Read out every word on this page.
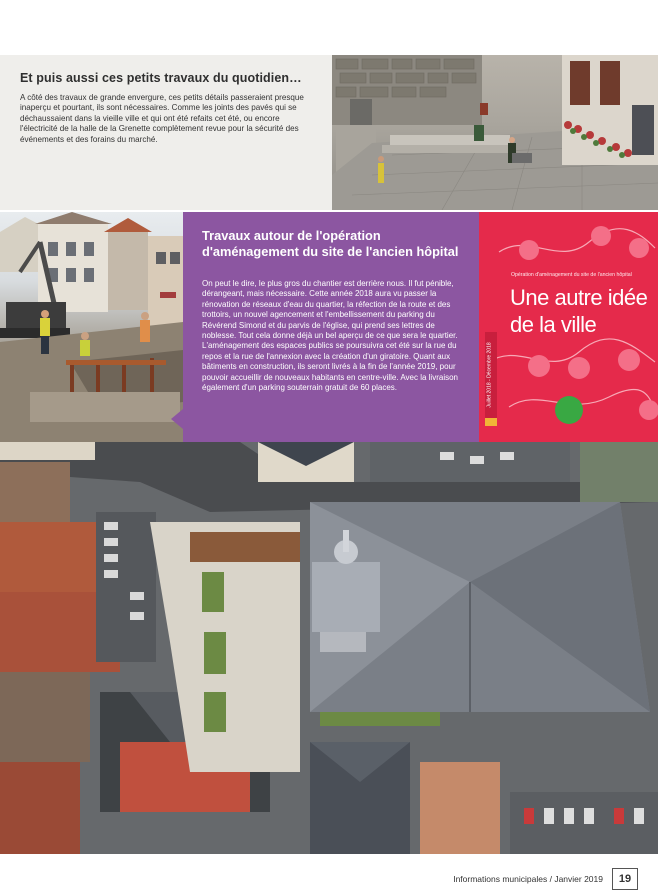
Et puis aussi ces petits travaux du quotidien…

A côté des travaux de grande envergure, ces petits détails passeraient presque inaperçu et pourtant, ils sont nécessaires. Comme les joints des pavés qui se déchaussaient dans la vieille ville et qui ont été refaits cet été, ou encore l'électricité de la halle de la Grenette complètement revue pour la sécurité des événements et des forains du marché.

Travaux autour de l'opération d'aménagement du site de l'ancien hôpital

On peut le dire, le plus gros du chantier est derrière nous. Il fut pénible, dérangeant, mais nécessaire. Cette année 2018 aura vu passer la rénovation de réseaux d'eau du quartier, la réfection de la route et des trottoirs, un nouvel agencement et l'embellissement du parking du Révérend Simond et du parvis de l'église, qui prend ses lettres de noblesse. Tout cela donne déjà un bel aperçu de ce que sera le quartier. L'aménagement des espaces publics se poursuivra cet été sur la rue du repos et la rue de l'annexion avec la création d'un giratoire. Quant aux bâtiments en construction, ils seront livrés à la fin de l'année 2019, pour pouvoir accueillir de nouveaux habitants en centre-ville. Avec la livraison également d'un parking souterrain gratuit de 60 places.

Opération d'aménagement du site de l'ancien hôpital
Une autre idée
de la ville
Juillet 2018 - Décembre 2018
Informations municipales / Janvier 2019	19
